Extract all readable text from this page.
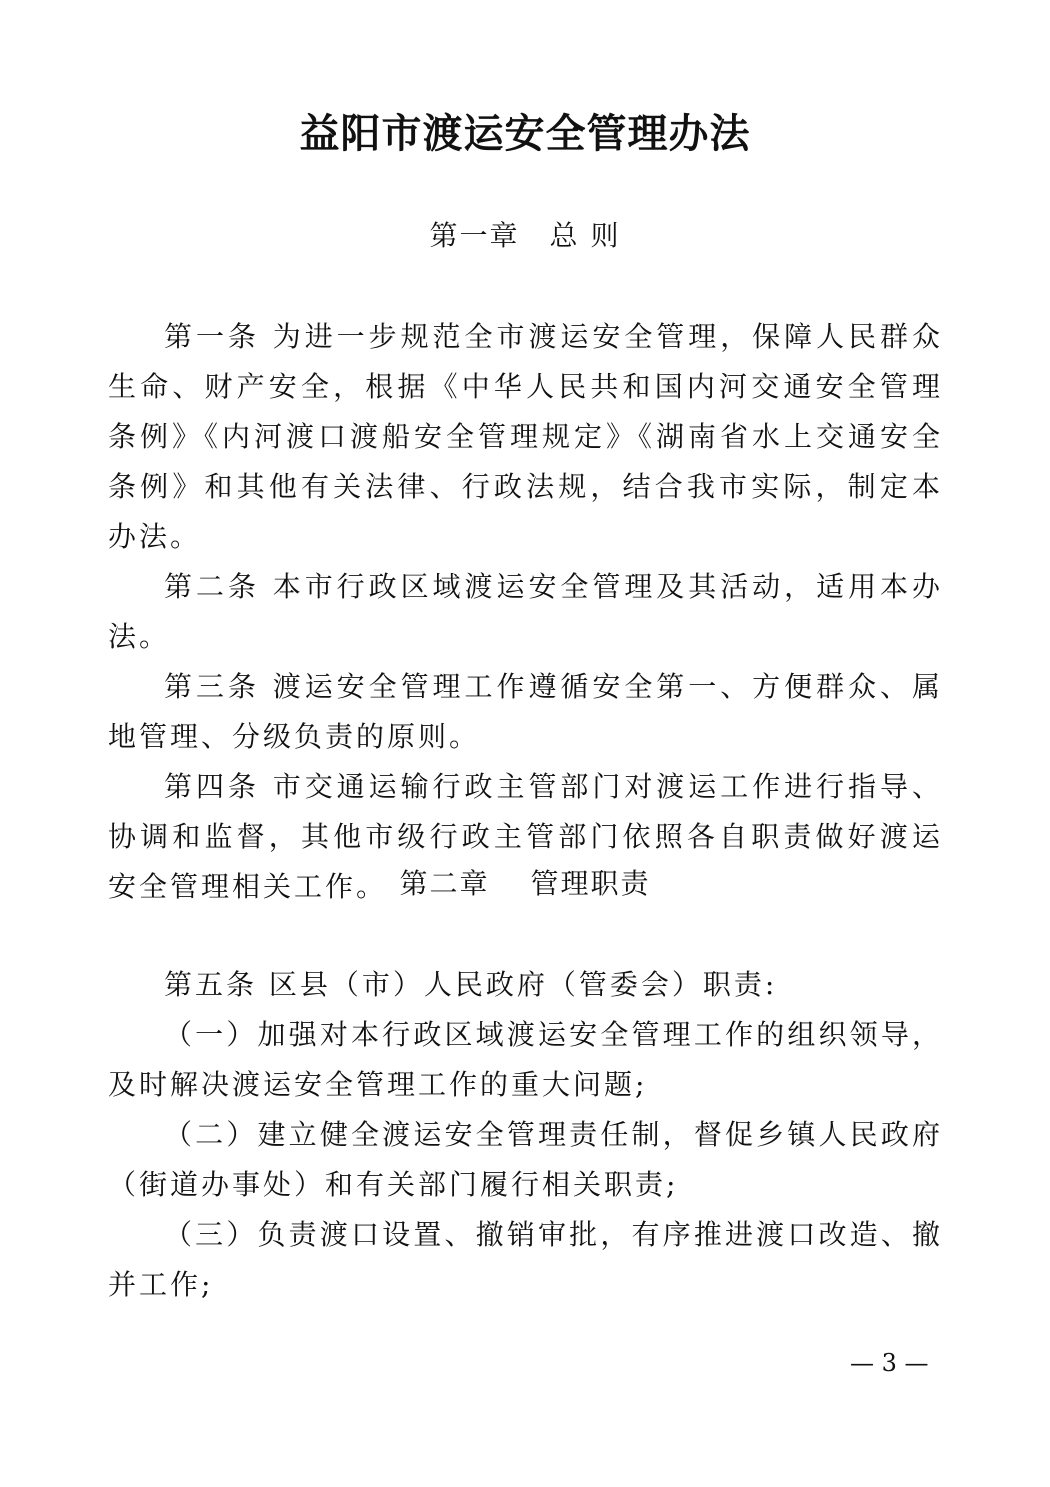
益阳市渡运安全管理办法
第一章　总 则

第一条 为进一步规范全市渡运安全管理，保障人民群众生命、财产安全，根据《中华人民共和国内河交通安全管理条例》《内河渡口渡船安全管理规定》《湖南省水上交通安全条例》和其他有关法律、行政法规，结合我市实际，制定本办法。

第二条 本市行政区域渡运安全管理及其活动，适用本办法。

第三条 渡运安全管理工作遵循安全第一、方便群众、属地管理、分级负责的原则。

第四条 市交通运输行政主管部门对渡运工作进行指导、协调和监督，其他市级行政主管部门依照各自职责做好渡运安全管理相关工作。 第二章　 管理职责

第五条 区县（市）人民政府（管委会）职责:

（一）加强对本行政区域渡运安全管理工作的组织领导，及时解决渡运安全管理工作的重大问题;

（二）建立健全渡运安全管理责任制，督促乡镇人民政府（街道办事处）和有关部门履行相关职责;

（三）负责渡口设置、撤销审批，有序推进渡口改造、撤并工作;

— 3 —
